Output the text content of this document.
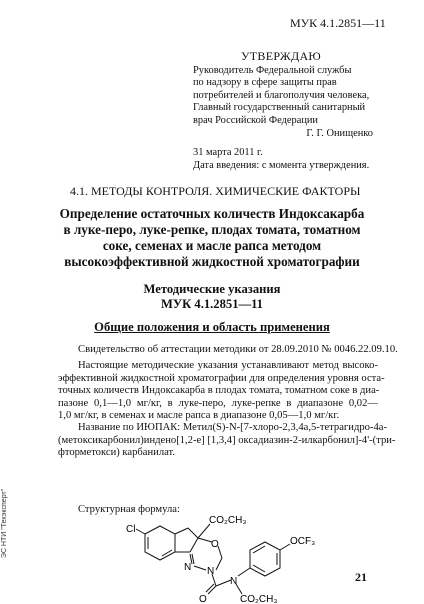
МУК 4.1.2851—11
УТВЕРЖДАЮ
Руководитель Федеральной службы
по надзору в сфере защиты прав
потребителей и благополучия человека,
Главный государственный санитарный
врач Российской Федерации
Г. Г. Онищенко
31 марта 2011 г.
Дата введения: с момента утверждения.
4.1. МЕТОДЫ КОНТРОЛЯ. ХИМИЧЕСКИЕ ФАКТОРЫ
Определение остаточных количеств Индоксакарба
в луке-перо, луке-репке, плодах томата, томатном
соке, семенах и масле рапса методом
высокоэффективной жидкостной хроматографии
Методические указания
МУК 4.1.2851—11
Общие положения и область применения

Свидетельство об аттестации методики от 28.09.2010 № 0046.22.09.10.

Настоящие методические указания устанавливают метод высоко-
эффективной жидкостной хроматографии для определения уровня оста-
точных количеств Индоксакарба в плодах томата, томатном соке в диа-
пазоне 0,1—1,0 мг/кг, в луке-перо, луке-репке в диапазоне 0,02—
1,0 мг/кг, в семенах и масле рапса в диапазоне 0,05—1,0 мг/кг.

Название по ИЮПАК: Метил(S)-N-[7-хлоро-2,3,4а,5-тетрагидро-4а-
(метоксикарбонил)индено[1,2-e] [1,3,4] оксадиазин-2-илкарбонил]-4'-(три-
фторметокси) карбанилат.

Структурная формула:
Cl
CO₂CH₃
O
N N
N
O
OCF₃
CO₂CH₃
21
ЭС НТИ "Техэксперт"
